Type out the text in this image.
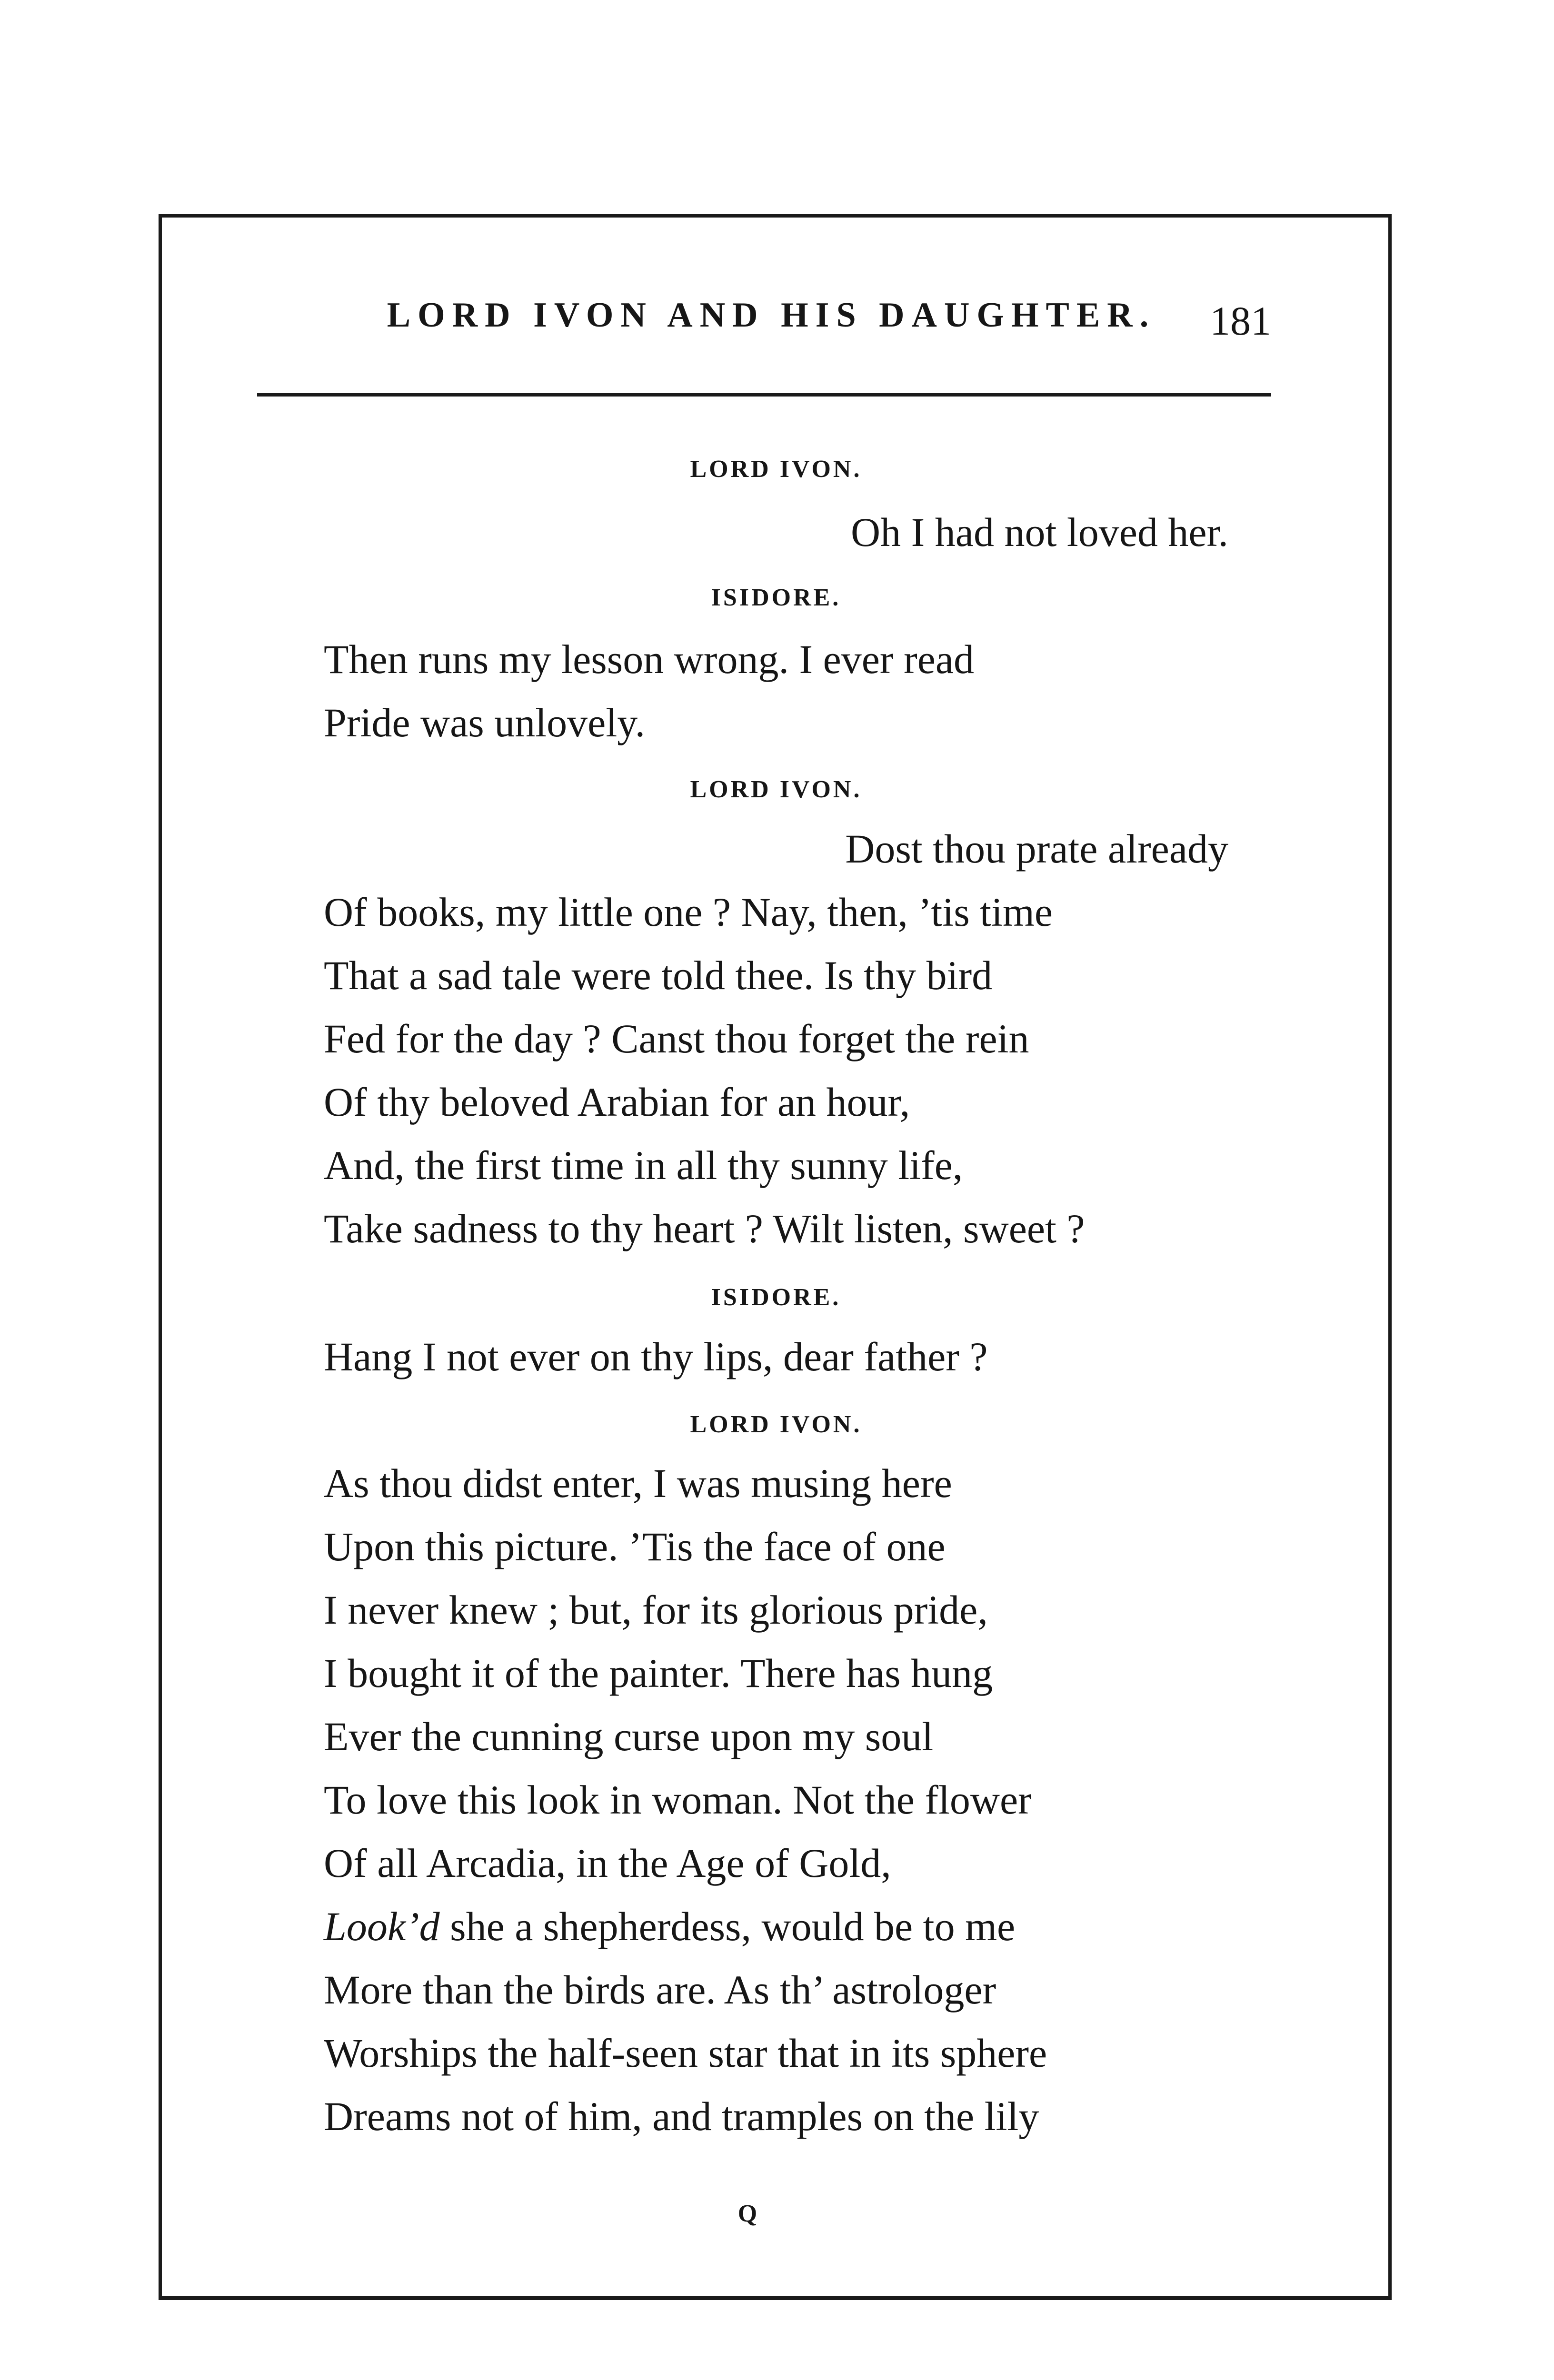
LORD IVON AND HIS DAUGHTER.	181
LORD IVON.
Oh I had not loved her.
ISIDORE.
Then runs my lesson wrong. I ever read
Pride was unlovely.
LORD IVON.
Dost thou prate already
Of books, my little one ? Nay, then, ’tis time
That a sad tale were told thee. Is thy bird
Fed for the day ? Canst thou forget the rein
Of thy beloved Arabian for an hour,
And, the first time in all thy sunny life,
Take sadness to thy heart ? Wilt listen, sweet ?
ISIDORE.
Hang I not ever on thy lips, dear father ?
LORD IVON.
As thou didst enter, I was musing here
Upon this picture. ’Tis the face of one
I never knew ; but, for its glorious pride,
I bought it of the painter. There has hung
Ever the cunning curse upon my soul
To love this look in woman. Not the flower
Of all Arcadia, in the Age of Gold,
Look’d she a shepherdess, would be to me
More than the birds are. As th’ astrologer
Worships the half-seen star that in its sphere
Dreams not of him, and tramples on the lily
Q
